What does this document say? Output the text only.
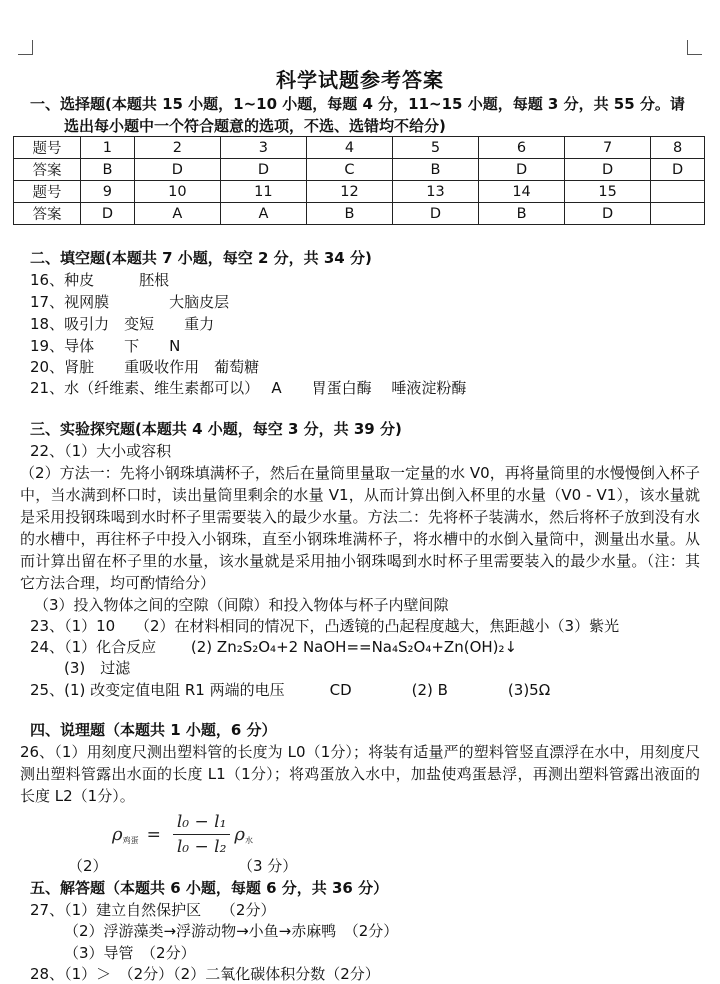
科学试题参考答案
一、选择题(本题共 15 小题，1~10 小题，每题 4 分，11~15 小题，每题 3 分，共 55 分。请
选出每小题中一个符合题意的选项，不选、选错均不给分)
题号	1	2	3	4	5	6	7	8
答案	B	D	D	C	B	D	D	D
题号	9	10	11	12	13	14	15	
答案	D	A	A	B	D	B	D	
二、填空题(本题共 7 小题，每空 2 分，共 34 分)
16、种皮　　　胚根
17、视网膜　　　　大脑皮层
18、吸引力　变短　　重力
19、导体　　下　　N
20、肾脏　　重吸收作用　葡萄糖
21、水（纤维素、维生素都可以）　 A　　胃蛋白酶　 唾液淀粉酶
三、实验探究题(本题共 4 小题，每空 3 分，共 39 分)
22、（1）大小或容积
（2）方法一：先将小钢珠填满杯子，然后在量筒里量取一定量的水 V0，再将量筒里的水慢慢倒入杯子中，当水满到杯口时，读出量筒里剩余的水量 V1，从而计算出倒入杯里的水量（V0 - V1），该水量就是采用投钢珠喝到水时杯子里需要装入的最少水量。方法二：先将杯子装满水，然后将杯子放到没有水的水槽中，再往杯子中投入小钢珠，直至小钢珠堆满杯子，将水槽中的水倒入量筒中，测量出水量。从而计算出留在杯子里的水量，该水量就是采用抽小钢珠喝到水时杯子里需要装入的最少水量。（注：其它方法合理，均可酌情给分）
（3）投入物体之间的空隙（间隙）和投入物体与杯子内壁间隙
23、（1）10　 （2）在材料相同的情况下，凸透镜的凸起程度越大，焦距越小（3）紫光
24、（1）化合反应　　 (2) Zn₂S₂O₄+2 NaOH==Na₄S₂O₄+Zn(OH)₂↓
(3)　过滤
25、(1) 改变定值电阻 R1 两端的电压　　　CD　　　　(2) B　　　　(3)5Ω
四、说理题（本题共 1 小题，6 分）
26、（1）用刻度尺测出塑料管的长度为 L0（1分）；将装有适量严的塑料管竖直漂浮在水中，用刻度尺测出塑料管露出水面的长度 L1（1分）；将鸡蛋放入水中，加盐使鸡蛋悬浮，再测出塑料管露出液面的长度 L2（1分）。
$\rho_{鸡蛋} = \frac{\text{l₀ − l₁}}{\text{l₀ − l₂}} \rho_水$
（2）	（3 分）
五、解答题（本题共 6 小题，每题 6 分，共 36 分）
27、（1）建立自然保护区　 （2分）
（2）浮游藻类→浮游动物→小鱼→赤麻鸭　（2分）
（3）导管　（2分）
28、（1）＞　（2分）（2）二氧化碳体积分数（2分）
